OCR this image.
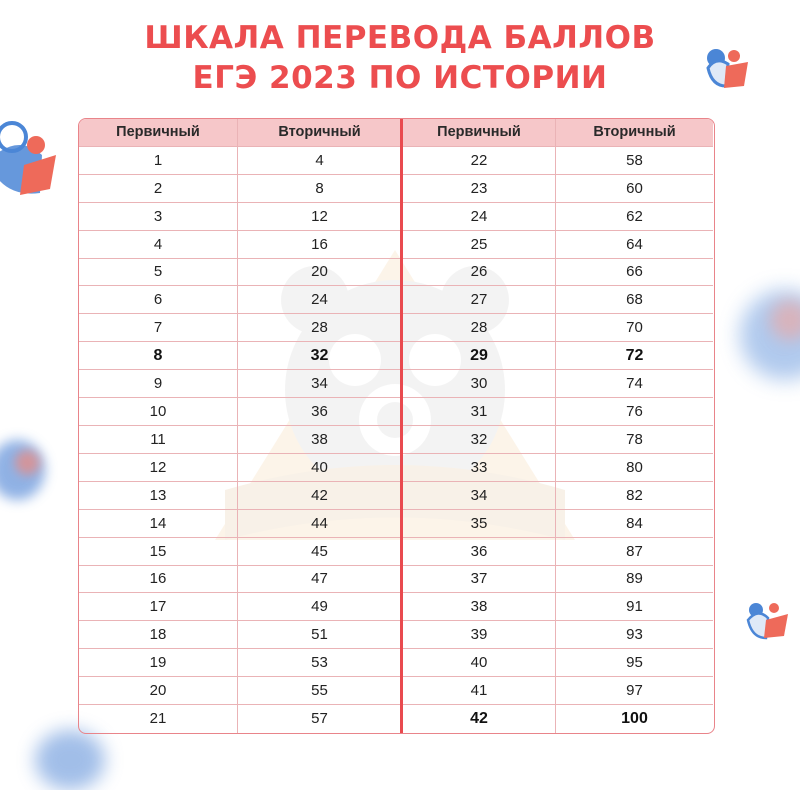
ШКАЛА ПЕРЕВОДА БАЛЛОВ
ЕГЭ 2023 ПО ИСТОРИИ
Первичный	Вторичный
1	4
2	8
3	12
4	16
5	20
6	24
7	28
8	32
9	34
10	36
11	38
12	40
13	42
14	44
15	45
16	47
17	49
18	51
19	53
20	55
21	57
Первичный	Вторичный
22	58
23	60
24	62
25	64
26	66
27	68
28	70
29	72
30	74
31	76
32	78
33	80
34	82
35	84
36	87
37	89
38	91
39	93
40	95
41	97
42	100
